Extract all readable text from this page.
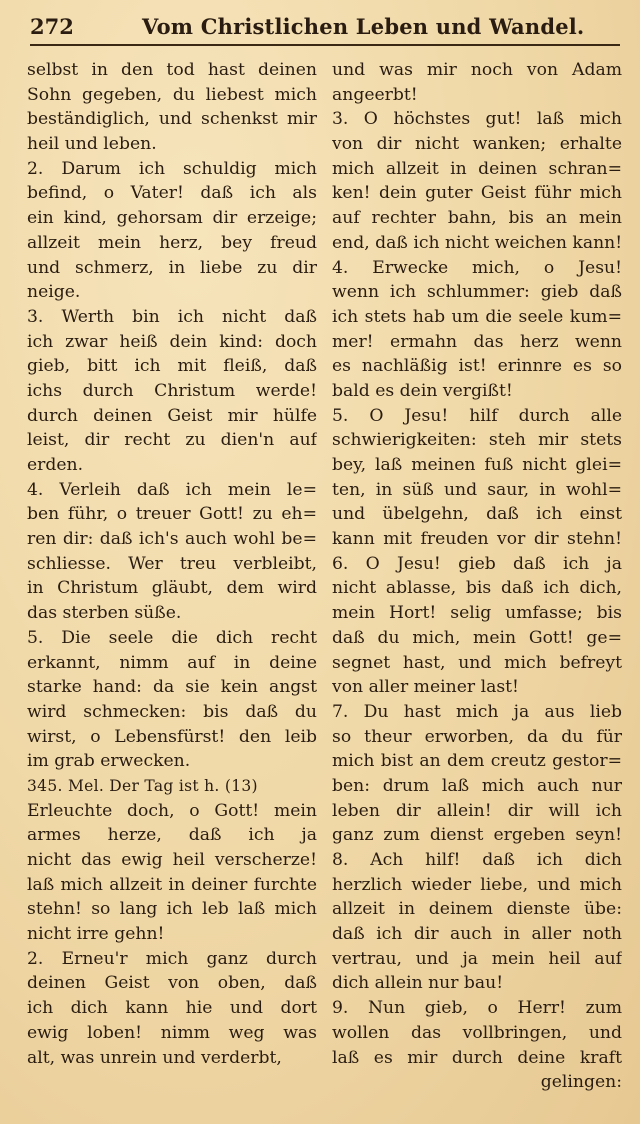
272	Vom Christlichen Leben und Wandel.
selbst in den tod hast deinen
Sohn gegeben, du liebest mich
beständiglich, und schenkst mir
heil und leben.
2. Darum ich schuldig mich
befind, o Vater! daß ich als
ein kind, gehorsam dir erzeige;
allzeit mein herz, bey freud
und schmerz, in liebe zu dir
neige.
3. Werth bin ich nicht daß
ich zwar heiß dein kind: doch
gieb, bitt ich mit fleiß, daß
ichs durch Christum werde!
durch deinen Geist mir hülfe
leist, dir recht zu dien'n auf
erden.
4. Verleih daß ich mein le=
ben führ, o treuer Gott! zu eh=
ren dir: daß ich's auch wohl be=
schliesse. Wer treu verbleibt,
in Christum gläubt, dem wird
das sterben süße.
5. Die seele die dich recht
erkannt, nimm auf in deine
starke hand: da sie kein angst
wird schmecken: bis daß du
wirst, o Lebensfürst! den leib
im grab erwecken.
345. Mel. Der Tag ist h. (13)
Erleuchte doch, o Gott! mein
armes herze, daß ich ja
nicht das ewig heil verscherze!
laß mich allzeit in deiner furchte
stehn! so lang ich leb laß mich
nicht irre gehn!
2. Erneu'r mich ganz durch
deinen Geist von oben, daß
ich dich kann hie und dort
ewig loben! nimm weg was
alt, was unrein und verderbt,
und was mir noch von Adam
angeerbt!
3. O höchstes gut! laß mich
von dir nicht wanken; erhalte
mich allzeit in deinen schran=
ken! dein guter Geist führ mich
auf rechter bahn, bis an mein
end, daß ich nicht weichen kann!
4. Erwecke mich, o Jesu!
wenn ich schlummer: gieb daß
ich stets hab um die seele kum=
mer! ermahn das herz wenn
es nachläßig ist! erinnre es so
bald es dein vergißt!
5. O Jesu! hilf durch alle
schwierigkeiten: steh mir stets
bey, laß meinen fuß nicht glei=
ten, in süß und saur, in wohl=
und übelgehn, daß ich einst
kann mit freuden vor dir stehn!
6. O Jesu! gieb daß ich ja
nicht ablasse, bis daß ich dich,
mein Hort! selig umfasse; bis
daß du mich, mein Gott! ge=
segnet hast, und mich befreyt
von aller meiner last!
7. Du hast mich ja aus lieb
so theur erworben, da du für
mich bist an dem creutz gestor=
ben: drum laß mich auch nur
leben dir allein! dir will ich
ganz zum dienst ergeben seyn!
8. Ach hilf! daß ich dich
herzlich wieder liebe, und mich
allzeit in deinem dienste übe:
daß ich dir auch in aller noth
vertrau, und ja mein heil auf
dich allein nur bau!
9. Nun gieb, o Herr! zum
wollen das vollbringen, und
laß es mir durch deine kraft
gelingen:
